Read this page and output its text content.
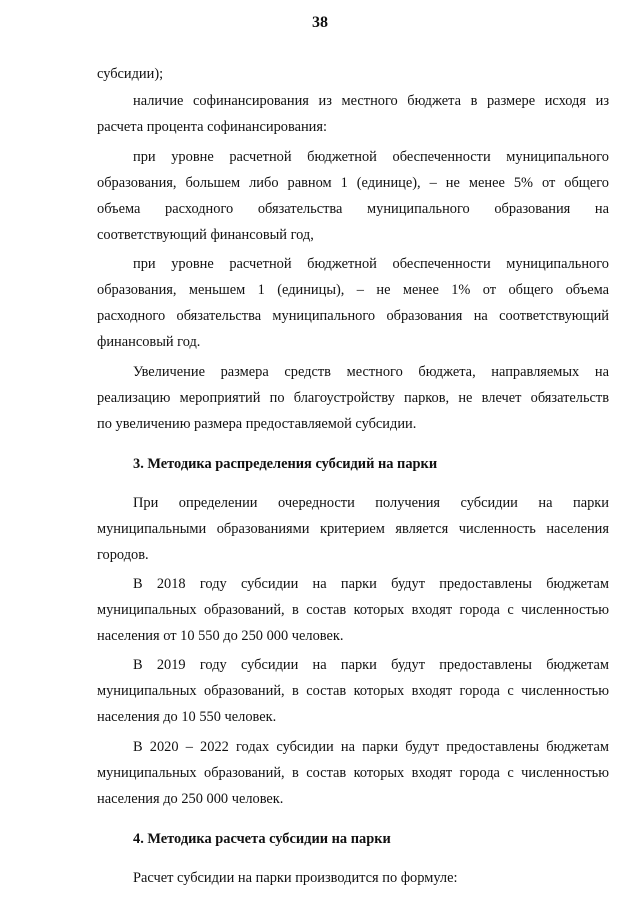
38
субсидии);
наличие софинансирования из местного бюджета в размере исходя из
расчета процента софинансирования:
при уровне расчетной бюджетной обеспеченности муниципального
образования, большем либо равном 1 (единице), – не менее 5% от общего
объема расходного обязательства муниципального образования на
соответствующий финансовый год,
при уровне расчетной бюджетной обеспеченности муниципального
образования, меньшем 1 (единицы), – не менее 1% от общего объема
расходного обязательства муниципального образования на соответствующий
финансовый год.
Увеличение размера средств местного бюджета, направляемых на
реализацию мероприятий по благоустройству парков, не влечет обязательств
по увеличению размера предоставляемой субсидии.
3. Методика распределения субсидий на парки
При определении очередности получения субсидии на парки
муниципальными образованиями критерием является численность населения
городов.
В 2018 году субсидии на парки будут предоставлены бюджетам
муниципальных образований, в состав которых входят города с численностью
населения от 10 550 до 250 000 человек.
В 2019 году субсидии на парки будут предоставлены бюджетам
муниципальных образований, в состав которых входят города с численностью
населения до 10 550 человек.
В 2020 – 2022 годах субсидии на парки будут предоставлены бюджетам
муниципальных образований, в состав которых входят города с численностью
населения до 250 000 человек.
4. Методика расчета субсидии на парки
Расчет субсидии на парки производится по формуле:
